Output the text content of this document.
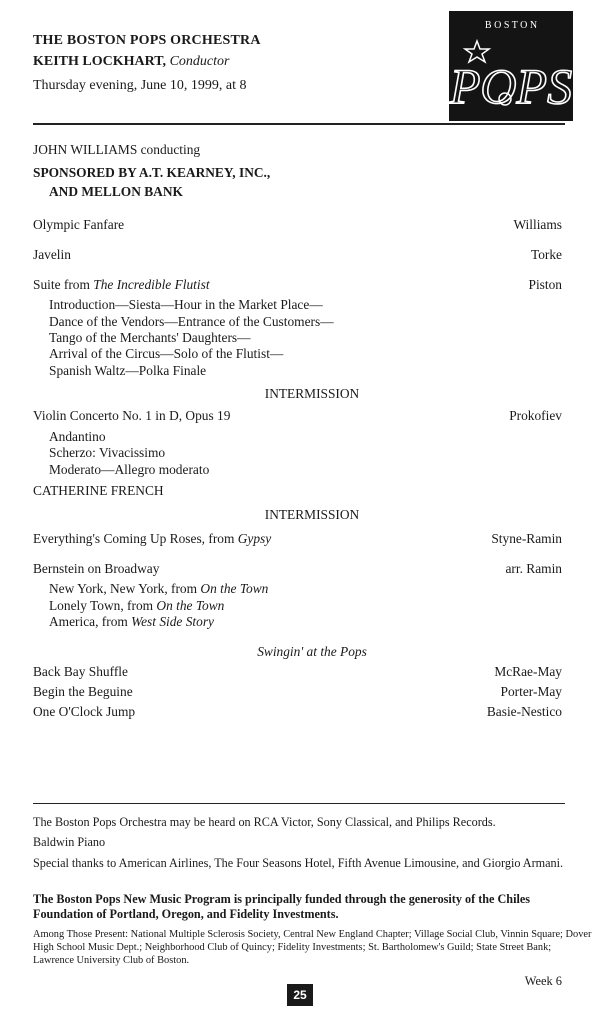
THE BOSTON POPS ORCHESTRA
KEITH LOCKHART, Conductor
Thursday evening, June 10, 1999, at 8
B O S T O N
POPS
JOHN WILLIAMS conducting
SPONSORED BY A.T. KEARNEY, INC.,
AND MELLON BANK
Olympic Fanfare	Williams
Javelin	Torke
Suite from The Incredible Flutist	Piston
Introduction—Siesta—Hour in the Market Place—
Dance of the Vendors—Entrance of the Customers—
Tango of the Merchants' Daughters—
Arrival of the Circus—Solo of the Flutist—
Spanish Waltz—Polka Finale
INTERMISSION
Violin Concerto No. 1 in D, Opus 19	Prokofiev
Andantino
Scherzo: Vivacissimo
Moderato—Allegro moderato
CATHERINE FRENCH
INTERMISSION
Everything's Coming Up Roses, from Gypsy	Styne-Ramin
Bernstein on Broadway	arr. Ramin
New York, New York, from On the Town
Lonely Town, from On the Town
America, from West Side Story
Swingin' at the Pops
Back Bay Shuffle	McRae-May
Begin the Beguine	Porter-May
One O'Clock Jump	Basie-Nestico
The Boston Pops Orchestra may be heard on RCA Victor, Sony Classical, and Philips Records.
Baldwin Piano
Special thanks to American Airlines, The Four Seasons Hotel, Fifth Avenue Limousine, and Giorgio Armani.
The Boston Pops New Music Program is principally funded through the generosity of the Chiles Foundation of Portland, Oregon, and Fidelity Investments.
Among Those Present: National Multiple Sclerosis Society, Central New England Chapter; Village Social Club, Vinnin Square; Dover High School Music Dept.; Neighborhood Club of Quincy; Fidelity Investments; St. Bartholomew's Guild; State Street Bank; Lawrence University Club of Boston.
Week 6
25
